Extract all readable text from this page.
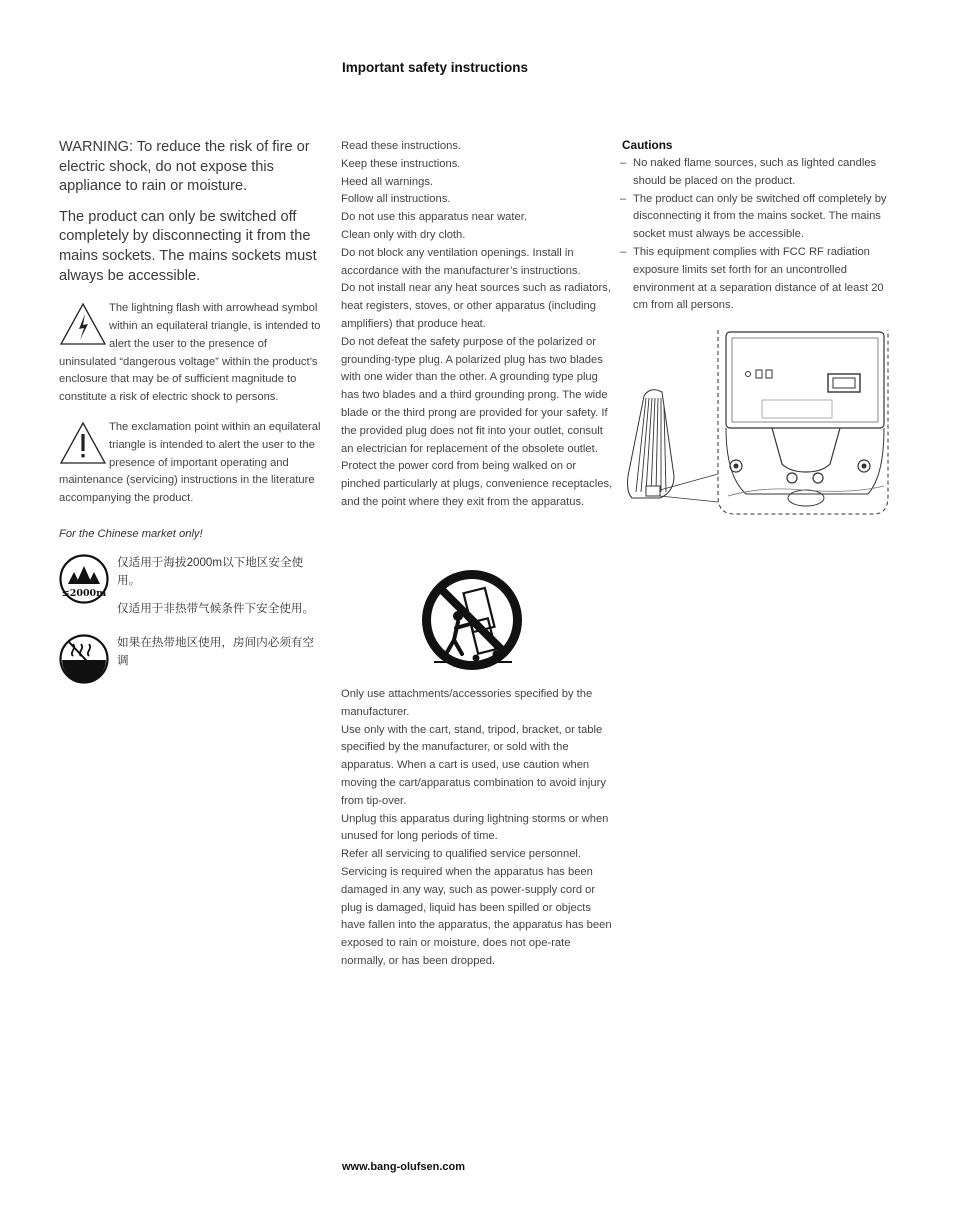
Important safety instructions

WARNING: To reduce the risk of fire or electric shock, do not expose this appliance to rain or moisture.

The product can only be switched off completely by disconnecting it from the mains sockets. The mains sockets must always be accessible.

The lightning flash with arrowhead symbol within an equilateral triangle, is intended to alert the user to the presence of uninsulated “dangerous voltage” within the product’s enclosure that may be of sufficient magnitude to constitute a risk of electric shock to persons.
The exclamation point within an equilateral triangle is intended to alert the user to the presence of important operating and maintenance (servicing) instructions in the literature accompanying the product.
For the Chinese market only!
≤2000m

仅适用于海拔2000m以下地区安全使用。

仅适用于非热带气候条件下安全使用。

如果在热带地区使用，房间内必须有空调

Read these instructions.

Keep these instructions.

Heed all warnings.

Follow all instructions.

Do not use this apparatus near water.

Clean only with dry cloth.

Do not block any ventilation openings. Install in accordance with the manufacturer’s instructions.

Do not install near any heat sources such as radiators, heat registers, stoves, or other apparatus (including amplifiers) that produce heat.

Do not defeat the safety purpose of the polarized or grounding-type plug. A polarized plug has two blades with one wider than the other. A grounding type plug has two blades and a third grounding prong. The wide blade or the third prong are provided for your safety. If the provided plug does not fit into your outlet, consult an electrician for replacement of the obsolete outlet.

Protect the power cord from being walked on or pinched particularly at plugs, convenience receptacles, and the point where they exit from the apparatus.

Only use attachments/accessories specified by the manufacturer.

Use only with the cart, stand, tripod, bracket, or table specified by the manufacturer, or sold with the apparatus. When a cart is used, use caution when moving the cart/apparatus combination to avoid injury from tip-over.

Unplug this apparatus during lightning storms or when unused for long periods of time.

Refer all servicing to qualified service personnel. Servicing is required when the apparatus has been damaged in any way, such as power-supply cord or plug is damaged, liquid has been spilled or objects have fallen into the apparatus, the apparatus has been exposed to rain or moisture, does not ope-rate normally, or has been dropped.

Cautions
– No naked flame sources, such as lighted candles should be placed on the product.
– The product can only be switched off completely by disconnecting it from the mains socket. The mains socket must always be accessible.
– This equipment complies with FCC RF radiation exposure limits set forth for an uncontrolled environment at a separation distance of at least 20 cm from all persons.
www.bang-olufsen.com
